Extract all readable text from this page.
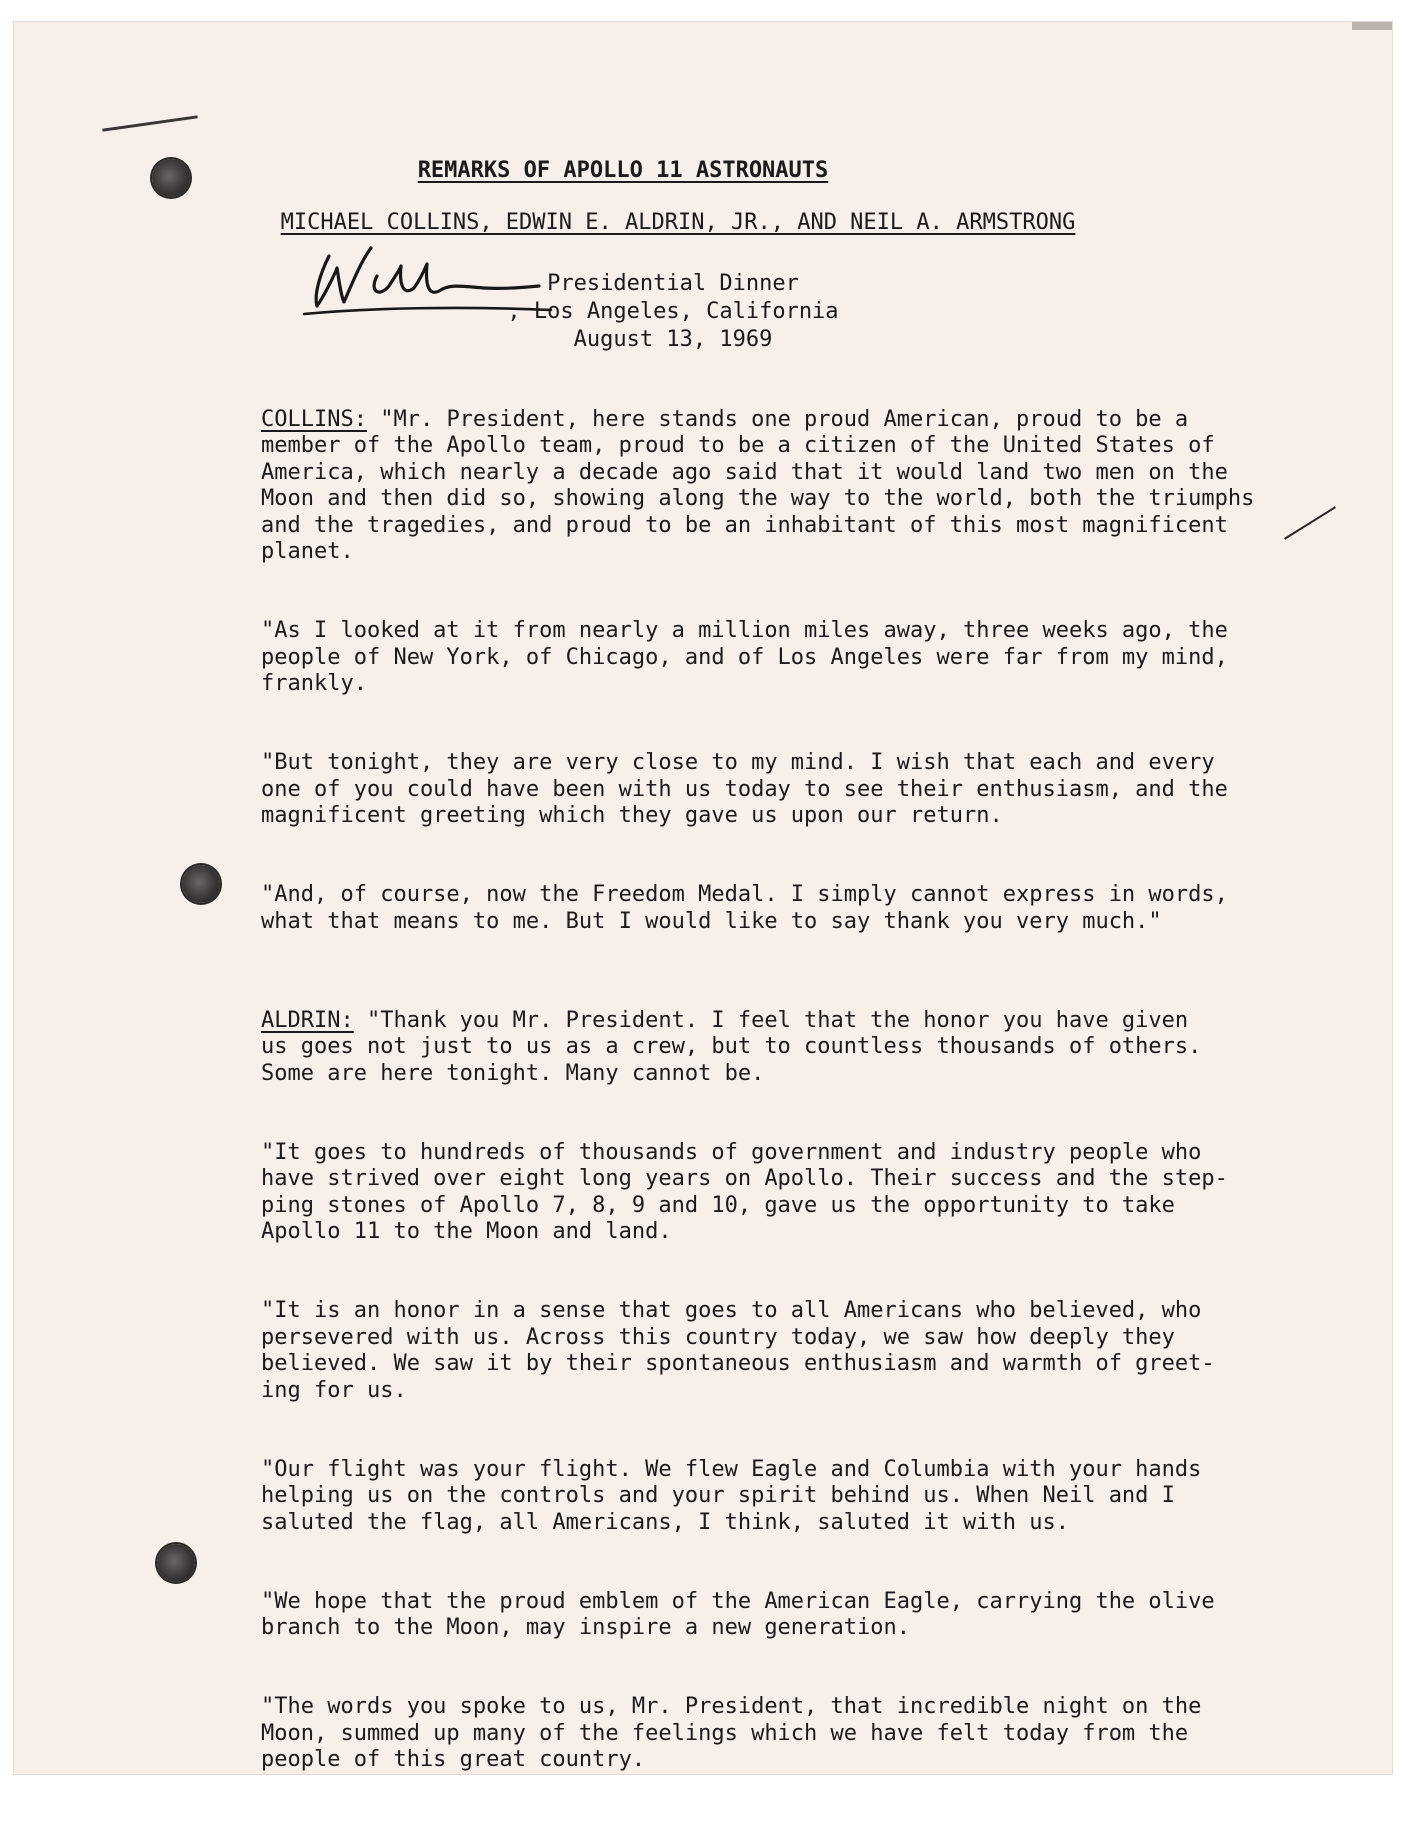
REMARKS OF APOLLO 11 ASTRONAUTS
MICHAEL COLLINS, EDWIN E. ALDRIN, JR., AND NEIL A. ARMSTRONG
Presidential Dinner
, Los Angeles, California
August 13, 1969

COLLINS: "Mr. President, here stands one proud American, proud to be a
member of the Apollo team, proud to be a citizen of the United States of
America, which nearly a decade ago said that it would land two men on the
Moon and then did so, showing along the way to the world, both the triumphs
and the tragedies, and proud to be an inhabitant of this most magnificent
planet.

"As I looked at it from nearly a million miles away, three weeks ago, the
people of New York, of Chicago, and of Los Angeles were far from my mind,
frankly.

"But tonight, they are very close to my mind. I wish that each and every
one of you could have been with us today to see their enthusiasm, and the
magnificent greeting which they gave us upon our return.

"And, of course, now the Freedom Medal. I simply cannot express in words,
what that means to me. But I would like to say thank you very much."

ALDRIN: "Thank you Mr. President. I feel that the honor you have given
us goes not just to us as a crew, but to countless thousands of others.
Some are here tonight. Many cannot be.

"It goes to hundreds of thousands of government and industry people who
have strived over eight long years on Apollo. Their success and the step-
ping stones of Apollo 7, 8, 9 and 10, gave us the opportunity to take
Apollo 11 to the Moon and land.

"It is an honor in a sense that goes to all Americans who believed, who
persevered with us. Across this country today, we saw how deeply they
believed. We saw it by their spontaneous enthusiasm and warmth of greet-
ing for us.

"Our flight was your flight. We flew Eagle and Columbia with your hands
helping us on the controls and your spirit behind us. When Neil and I
saluted the flag, all Americans, I think, saluted it with us.

"We hope that the proud emblem of the American Eagle, carrying the olive
branch to the Moon, may inspire a new generation.

"The words you spoke to us, Mr. President, that incredible night on the
Moon, summed up many of the feelings which we have felt today from the
people of this great country.
